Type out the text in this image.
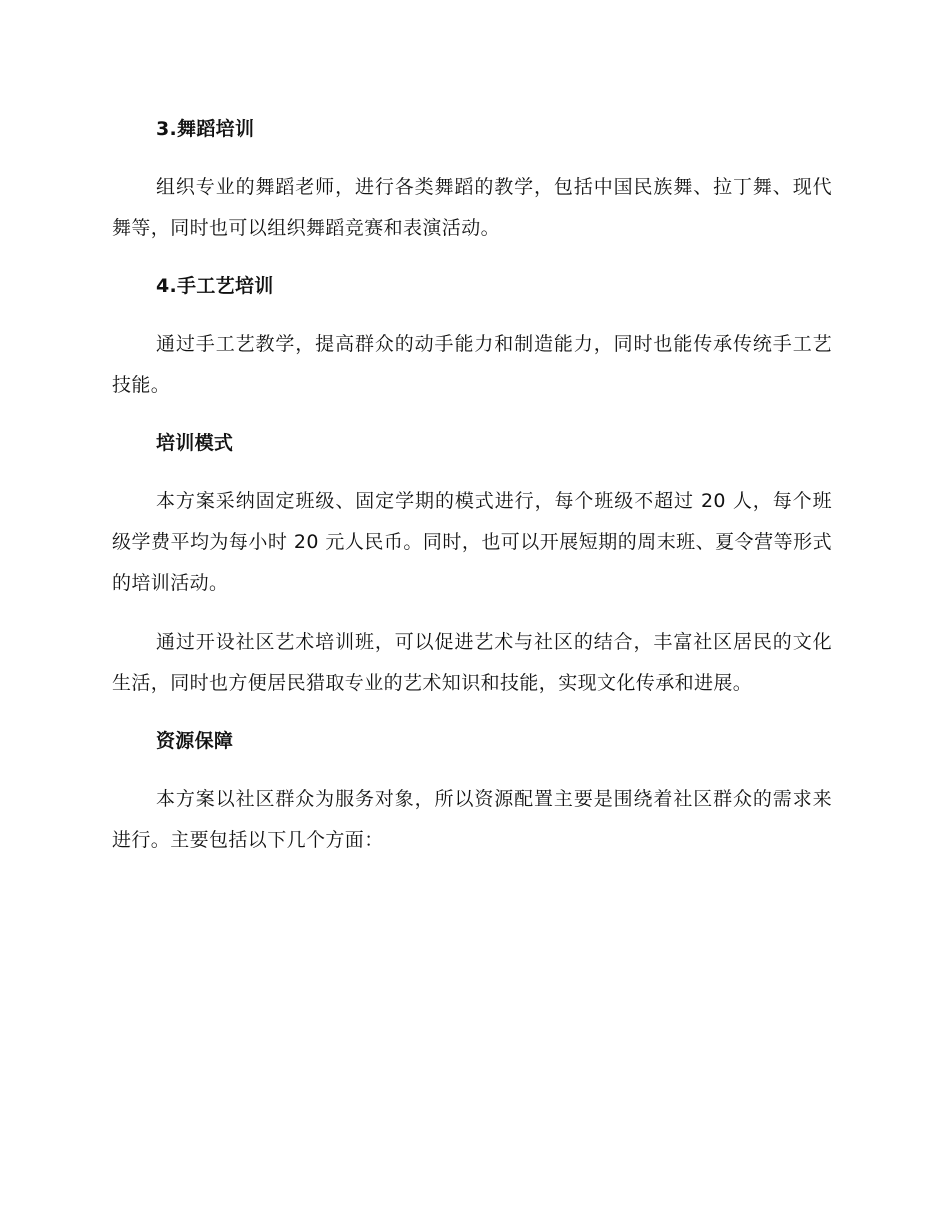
3.舞蹈培训

组织专业的舞蹈老师，进行各类舞蹈的教学，包括中国民族舞、拉丁舞、现代舞等，同时也可以组织舞蹈竞赛和表演活动。

4.手工艺培训

通过手工艺教学，提高群众的动手能力和制造能力，同时也能传承传统手工艺技能。

培训模式

本方案采纳固定班级、固定学期的模式进行，每个班级不超过 20 人，每个班级学费平均为每小时 20 元人民币。同时，也可以开展短期的周末班、夏令营等形式的培训活动。

通过开设社区艺术培训班，可以促进艺术与社区的结合，丰富社区居民的文化生活，同时也方便居民猎取专业的艺术知识和技能，实现文化传承和进展。

资源保障

本方案以社区群众为服务对象，所以资源配置主要是围绕着社区群众的需求来进行。主要包括以下几个方面：
